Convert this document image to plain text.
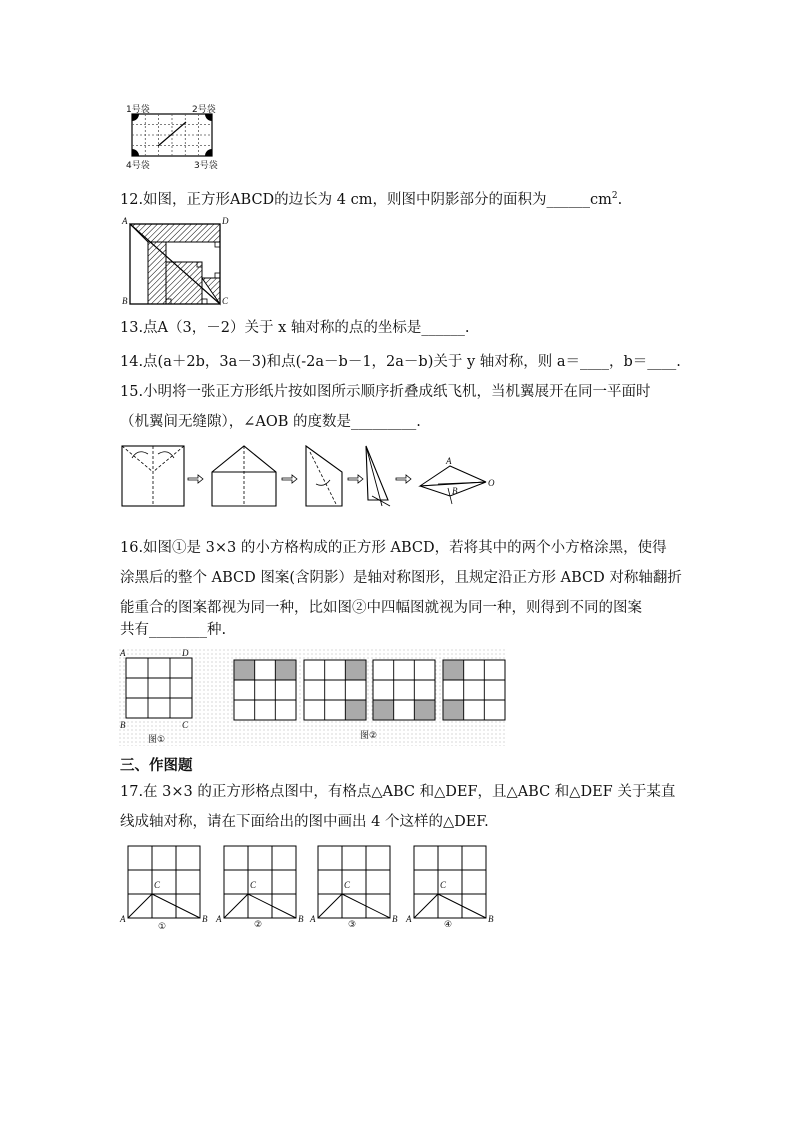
1号袋	2号袋
3号袋
4号袋
12.如图，正方形ABCD的边长为 4 cm，则图中阴影部分的面积为$\_\_\_\_\_\_cm^2$.
A	D
B	C
13.点A（3，－2）关于 x 轴对称的点的坐标是______.
14.点(a＋2b，3a－3)和点(-2a－b－1，2a－b)关于 y 轴对称，则 a＝____，b＝____.
15.小明将一张正方形纸片按如图所示顺序折叠成纸飞机，当机翼展开在同一平面时
（机翼间无缝隙），∠AOB 的度数是_________.
A
B
O
16.如图①是 3×3 的小方格构成的正方形 ABCD，若将其中的两个小方格涂黑，使得
涂黑后的整个 ABCD 图案(含阴影）是轴对称图形，且规定沿正方形 ABCD 对称轴翻折
能重合的图案都视为同一种，比如图②中四幅图就视为同一种，则得到不同的图案
共有________种.
A	D
B	C
图①	图②
三、作图题
17.在 3×3 的正方形格点图中，有格点△ABC 和△DEF，且△ABC 和△DEF 关于某直
线成轴对称，请在下面给出的图中画出 4 个这样的△DEF.
C
A	B
①
C
A	B
②
C
A	B
③
C
A	B
④
